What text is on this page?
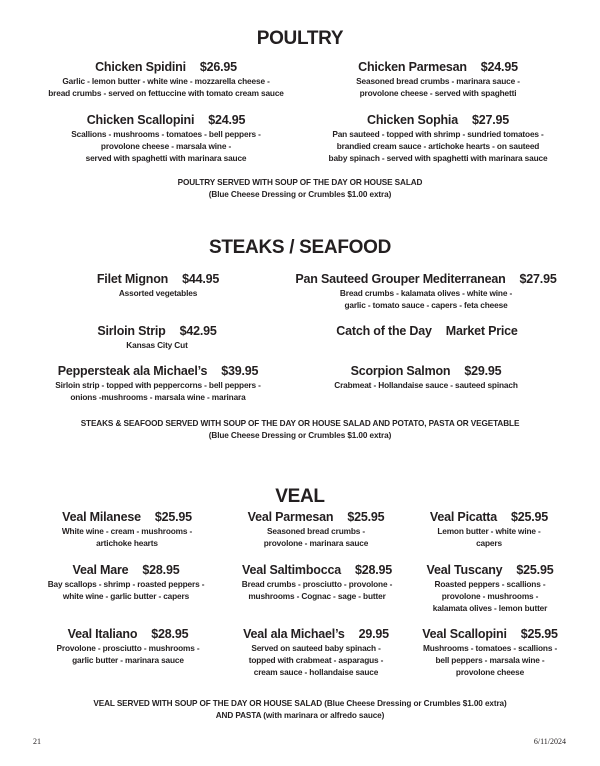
POULTRY
Chicken Spidini $26.95
Garlic - lemon butter - white wine - mozzarella cheese -
bread crumbs - served on fettuccine with tomato cream sauce
Chicken Parmesan $24.95
Seasoned bread crumbs - marinara sauce -
provolone cheese - served with spaghetti
Chicken Scallopini $24.95
Scallions - mushrooms - tomatoes - bell peppers -
provolone cheese - marsala wine -
served with spaghetti with marinara sauce
Chicken Sophia $27.95
Pan sauteed - topped with shrimp - sundried tomatoes -
brandied cream sauce - artichoke hearts - on sauteed
baby spinach - served with spaghetti with marinara sauce
POULTRY SERVED WITH SOUP OF THE DAY OR HOUSE SALAD
(Blue Cheese Dressing or Crumbles $1.00 extra)
STEAKS / SEAFOOD
Filet Mignon $44.95
Assorted vegetables
Pan Sauteed Grouper Mediterranean $27.95
Bread crumbs - kalamata olives - white wine -
garlic - tomato sauce - capers - feta cheese
Sirloin Strip $42.95
Kansas City Cut
Catch of the Day Market Price
Peppersteak ala Michael’s $39.95
Sirloin strip - topped with peppercorns - bell peppers -
onions -mushrooms - marsala wine - marinara
Scorpion Salmon $29.95
Crabmeat - Hollandaise sauce - sauteed spinach
STEAKS & SEAFOOD SERVED WITH SOUP OF THE DAY OR HOUSE SALAD AND POTATO, PASTA OR VEGETABLE
(Blue Cheese Dressing or Crumbles $1.00 extra)
VEAL
Veal Milanese $25.95
White wine - cream - mushrooms -
artichoke hearts
Veal Parmesan $25.95
Seasoned bread crumbs -
provolone - marinara sauce
Veal Picatta $25.95
Lemon butter - white wine -
capers
Veal Mare $28.95
Bay scallops - shrimp - roasted peppers -
white wine - garlic butter - capers
Veal Saltimbocca $28.95
Bread crumbs - prosciutto - provolone -
mushrooms - Cognac - sage - butter
Veal Tuscany $25.95
Roasted peppers - scallions -
provolone - mushrooms -
kalamata olives - lemon butter
Veal Italiano $28.95
Provolone - prosciutto - mushrooms -
garlic butter - marinara sauce
Veal ala Michael’s 29.95
Served on sauteed baby spinach -
topped with crabmeat - asparagus -
cream sauce - hollandaise sauce
Veal Scallopini $25.95
Mushrooms - tomatoes - scallions -
bell peppers - marsala wine -
provolone cheese
VEAL SERVED WITH SOUP OF THE DAY OR HOUSE SALAD (Blue Cheese Dressing or Crumbles $1.00 extra)
AND PASTA (with marinara or alfredo sauce)
21	6/11/2024
